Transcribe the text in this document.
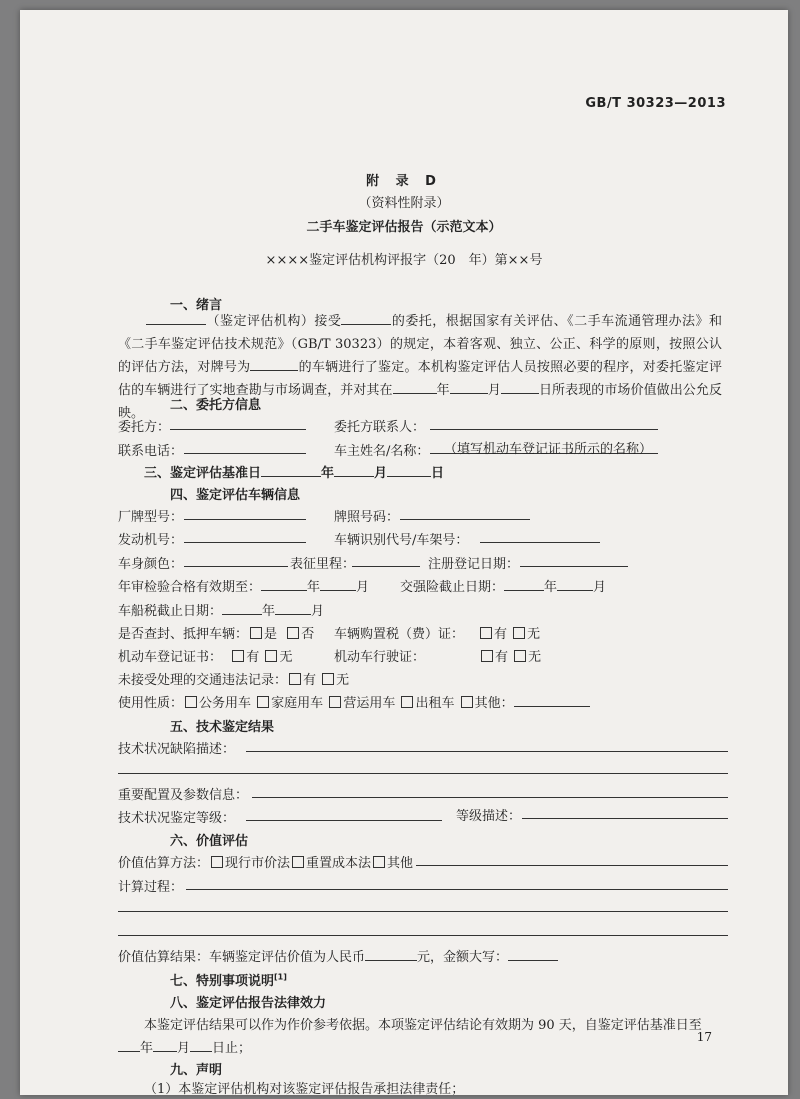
GB/T 30323—2013
附 录 D
（资料性附录）
二手车鉴定评估报告（示范文本）
××××鉴定评估机构评报字（20　年）第××号
一、绪言
（鉴定评估机构）接受	的委托，根据国家有关评估、《二手车流通管理办法》和《二手车鉴定评估技术规范》（GB/T 30323）的规定，本着客观、独立、公正、科学的原则，按照公认的评估方法，对牌号为	的车辆进行了鉴定。本机构鉴定评估人员按照必要的程序，对委托鉴定评估的车辆进行了实地查勘与市场调查，并对其在	年	月	日所表现的市场价值做出公允反映。
二、委托方信息
委托方：	委托方联系人：
联系电话：	车主姓名/名称： （填写机动车登记证书所示的名称）
三、鉴定评估基准日	年	月	日
四、鉴定评估车辆信息
厂牌型号：	牌照号码：
发动机号：	车辆识别代号/车架号：
车身颜色：	表征里程：	注册登记日期：
年审检验合格有效期至：	年	月 交强险截止日期：	年	月
车船税截止日期：	年	月
是否查封、抵押车辆： 是 否 车辆购置税（费）证： 有 无
机动车登记证书： 有 无	机动车行驶证：	有 无
未接受处理的交通违法记录： 有 无
使用性质： 公务用车 家庭用车 营运用车 出租车 其他：
五、技术鉴定结果
技术状况缺陷描述：
重要配置及参数信息：
技术状况鉴定等级：	等级描述：
六、价值评估
价值估算方法： 现行市价法 重置成本法 其他
计算过程：
价值估算结果：车辆鉴定评估价值为人民币	元，金额大写：
七、特别事项说明[1]
八、鉴定评估报告法律效力
本鉴定评估结果可以作为作价参考依据。本项鉴定评估结论有效期为 90 天，自鉴定评估基准日至
年 月 日止；
九、声明
（1）本鉴定评估机构对该鉴定评估报告承担法律责任；
17
